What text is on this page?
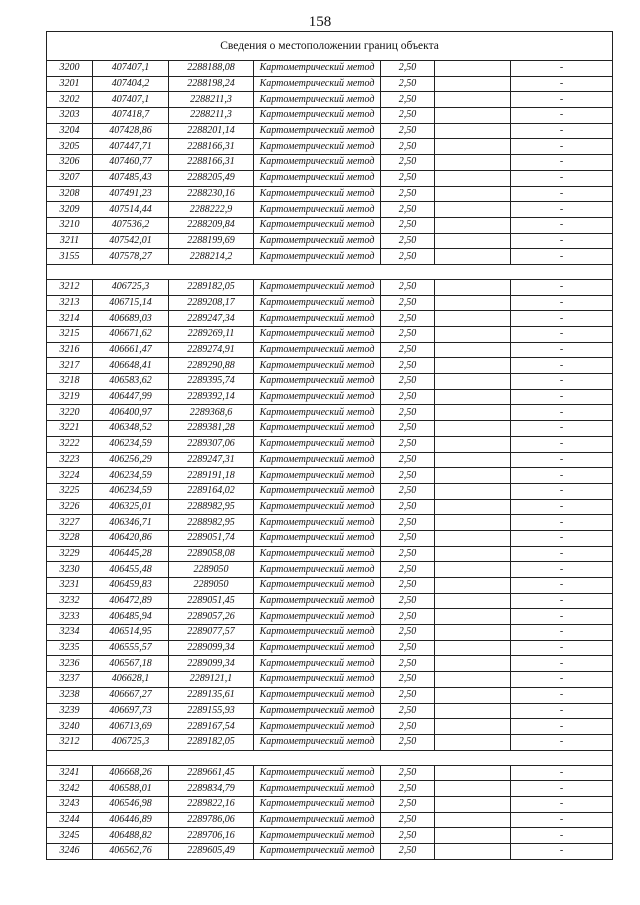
158
Сведения о местоположении границ объекта						
3200	407407,1	2288188,08	Картометрический метод	2,50		-
3201	407404,2	2288198,24	Картометрический метод	2,50		-
3202	407407,1	2288211,3	Картометрический метод	2,50		-
3203	407418,7	2288211,3	Картометрический метод	2,50		-
3204	407428,86	2288201,14	Картометрический метод	2,50		-
3205	407447,71	2288166,31	Картометрический метод	2,50		-
3206	407460,77	2288166,31	Картометрический метод	2,50		-
3207	407485,43	2288205,49	Картометрический метод	2,50		-
3208	407491,23	2288230,16	Картометрический метод	2,50		-
3209	407514,44	2288222,9	Картометрический метод	2,50		-
3210	407536,2	2288209,84	Картометрический метод	2,50		-
3211	407542,01	2288199,69	Картометрический метод	2,50		-
3155	407578,27	2288214,2	Картометрический метод	2,50		-

3212	406725,3	2289182,05	Картометрический метод	2,50		-
3213	406715,14	2289208,17	Картометрический метод	2,50		-
3214	406689,03	2289247,34	Картометрический метод	2,50		-
3215	406671,62	2289269,11	Картометрический метод	2,50		-
3216	406661,47	2289274,91	Картометрический метод	2,50		-
3217	406648,41	2289290,88	Картометрический метод	2,50		-
3218	406583,62	2289395,74	Картометрический метод	2,50		-
3219	406447,99	2289392,14	Картометрический метод	2,50		-
3220	406400,97	2289368,6	Картометрический метод	2,50		-
3221	406348,52	2289381,28	Картометрический метод	2,50		-
3222	406234,59	2289307,06	Картометрический метод	2,50		-
3223	406256,29	2289247,31	Картометрический метод	2,50		-
3224	406234,59	2289191,18	Картометрический метод	2,50		-
3225	406234,59	2289164,02	Картометрический метод	2,50		-
3226	406325,01	2288982,95	Картометрический метод	2,50		-
3227	406346,71	2288982,95	Картометрический метод	2,50		-
3228	406420,86	2289051,74	Картометрический метод	2,50		-
3229	406445,28	2289058,08	Картометрический метод	2,50		-
3230	406455,48	2289050	Картометрический метод	2,50		-
3231	406459,83	2289050	Картометрический метод	2,50		-
3232	406472,89	2289051,45	Картометрический метод	2,50		-
3233	406485,94	2289057,26	Картометрический метод	2,50		-
3234	406514,95	2289077,57	Картометрический метод	2,50		-
3235	406555,57	2289099,34	Картометрический метод	2,50		-
3236	406567,18	2289099,34	Картометрический метод	2,50		-
3237	406628,1	2289121,1	Картометрический метод	2,50		-
3238	406667,27	2289135,61	Картометрический метод	2,50		-
3239	406697,73	2289155,93	Картометрический метод	2,50		-
3240	406713,69	2289167,54	Картометрический метод	2,50		-
3212	406725,3	2289182,05	Картометрический метод	2,50		-

3241	406668,26	2289661,45	Картометрический метод	2,50		-
3242	406588,01	2289834,79	Картометрический метод	2,50		-
3243	406546,98	2289822,16	Картометрический метод	2,50		-
3244	406446,89	2289786,06	Картометрический метод	2,50		-
3245	406488,82	2289706,16	Картометрический метод	2,50		-
3246	406562,76	2289605,49	Картометрический метод	2,50		-
